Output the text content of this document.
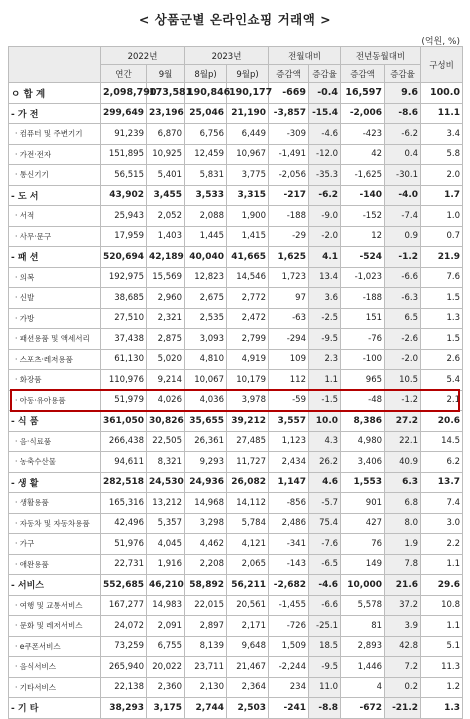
< 상품군별 온라인쇼핑 거래액 >
(억원, %)
	2022년		2023년		전월대비		전년동월대비		구성비
	연간	9월	8월p)	9월p)	증감액	증감율	증감액	증감율	
ㅇ 합 계	2,098,790	173,581	190,846	190,177	-669	-0.4	16,597	9.6	100.0
- 가 전	299,649	23,196	25,046	21,190	-3,857	-15.4	-2,006	-8.6	11.1
· 컴퓨터 및 주변기기	91,239	6,870	6,756	6,449	-309	-4.6	-423	-6.2	3.4
· 가전·전자	151,895	10,925	12,459	10,967	-1,491	-12.0	42	0.4	5.8
· 통신기기	56,515	5,401	5,831	3,775	-2,056	-35.3	-1,625	-30.1	2.0
- 도 서	43,902	3,455	3,533	3,315	-217	-6.2	-140	-4.0	1.7
· 서적	25,943	2,052	2,088	1,900	-188	-9.0	-152	-7.4	1.0
· 사무·문구	17,959	1,403	1,445	1,415	-29	-2.0	12	0.9	0.7
- 패 션	520,694	42,189	40,040	41,665	1,625	4.1	-524	-1.2	21.9
· 의복	192,975	15,569	12,823	14,546	1,723	13.4	-1,023	-6.6	7.6
· 신발	38,685	2,960	2,675	2,772	97	3.6	-188	-6.3	1.5
· 가방	27,510	2,321	2,535	2,472	-63	-2.5	151	6.5	1.3
· 패션용품 및 액세서리	37,438	2,875	3,093	2,799	-294	-9.5	-76	-2.6	1.5
· 스포츠·레저용품	61,130	5,020	4,810	4,919	109	2.3	-100	-2.0	2.6
· 화장품	110,976	9,214	10,067	10,179	112	1.1	965	10.5	5.4
· 아동·유아용품	51,979	4,026	4,036	3,978	-59	-1.5	-48	-1.2	2.1
- 식 품	361,050	30,826	35,655	39,212	3,557	10.0	8,386	27.2	20.6
· 음·식료품	266,438	22,505	26,361	27,485	1,123	4.3	4,980	22.1	14.5
· 농축수산물	94,611	8,321	9,293	11,727	2,434	26.2	3,406	40.9	6.2
- 생 활	282,518	24,530	24,936	26,082	1,147	4.6	1,553	6.3	13.7
· 생활용품	165,316	13,212	14,968	14,112	-856	-5.7	901	6.8	7.4
· 자동차 및 자동차용품	42,496	5,357	3,298	5,784	2,486	75.4	427	8.0	3.0
· 가구	51,976	4,045	4,462	4,121	-341	-7.6	76	1.9	2.2
· 애완용품	22,731	1,916	2,208	2,065	-143	-6.5	149	7.8	1.1
- 서비스	552,685	46,210	58,892	56,211	-2,682	-4.6	10,000	21.6	29.6
· 여행 및 교통서비스	167,277	14,983	22,015	20,561	-1,455	-6.6	5,578	37.2	10.8
· 문화 및 레저서비스	24,072	2,091	2,897	2,171	-726	-25.1	81	3.9	1.1
· e쿠폰서비스	73,259	6,755	8,139	9,648	1,509	18.5	2,893	42.8	5.1
· 음식서비스	265,940	20,022	23,711	21,467	-2,244	-9.5	1,446	7.2	11.3
· 기타서비스	22,138	2,360	2,130	2,364	234	11.0	4	0.2	1.2
- 기 타	38,293	3,175	2,744	2,503	-241	-8.8	-672	-21.2	1.3
